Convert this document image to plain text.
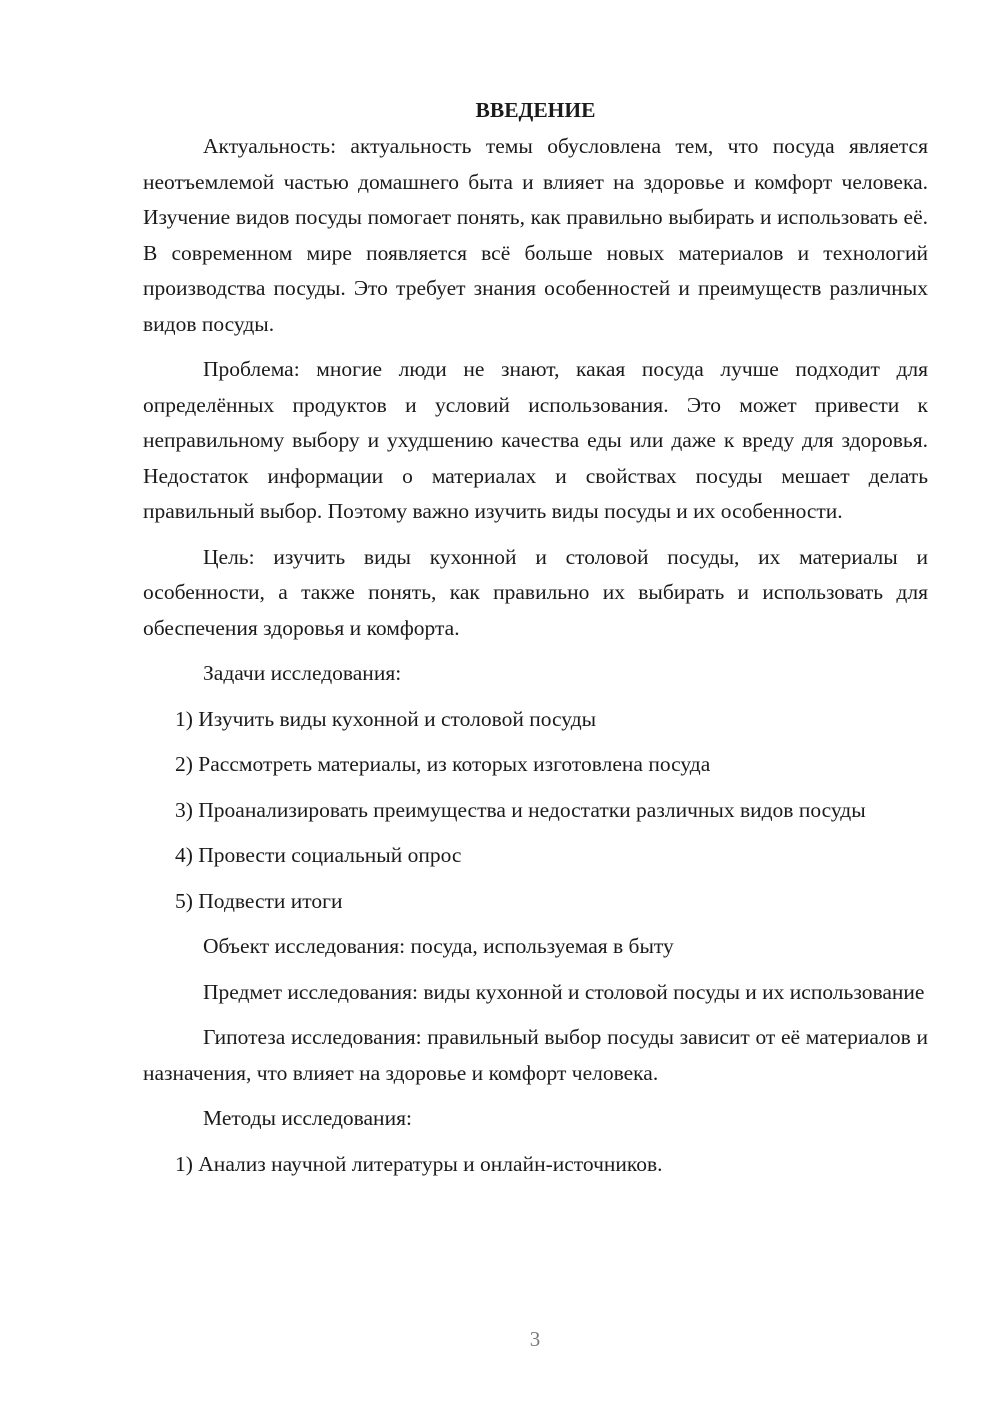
ВВЕДЕНИЕ

Актуальность: актуальность темы обусловлена тем, что посуда является неотъемлемой частью домашнего быта и влияет на здоровье и комфорт человека. Изучение видов посуды помогает понять, как правильно выбирать и использовать её. В современном мире появляется всё больше новых материалов и технологий производства посуды. Это требует знания особенностей и преимуществ различных видов посуды.

Проблема: многие люди не знают, какая посуда лучше подходит для определённых продуктов и условий использования. Это может привести к неправильному выбору и ухудшению качества еды или даже к вреду для здоровья. Недостаток информации о материалах и свойствах посуды мешает делать правильный выбор. Поэтому важно изучить виды посуды и их особенности.

Цель: изучить виды кухонной и столовой посуды, их материалы и особенности, а также понять, как правильно их выбирать и использовать для обеспечения здоровья и комфорта.

Задачи исследования:

1) Изучить виды кухонной и столовой посуды

2) Рассмотреть материалы, из которых изготовлена посуда

3) Проанализировать преимущества и недостатки различных видов посуды

4) Провести социальный опрос

5) Подвести итоги

Объект исследования: посуда, используемая в быту

Предмет исследования: виды кухонной и столовой посуды и их использование

Гипотеза исследования: правильный выбор посуды зависит от её материалов и назначения, что влияет на здоровье и комфорт человека.

Методы исследования:

1) Анализ научной литературы и онлайн-источников.

3
